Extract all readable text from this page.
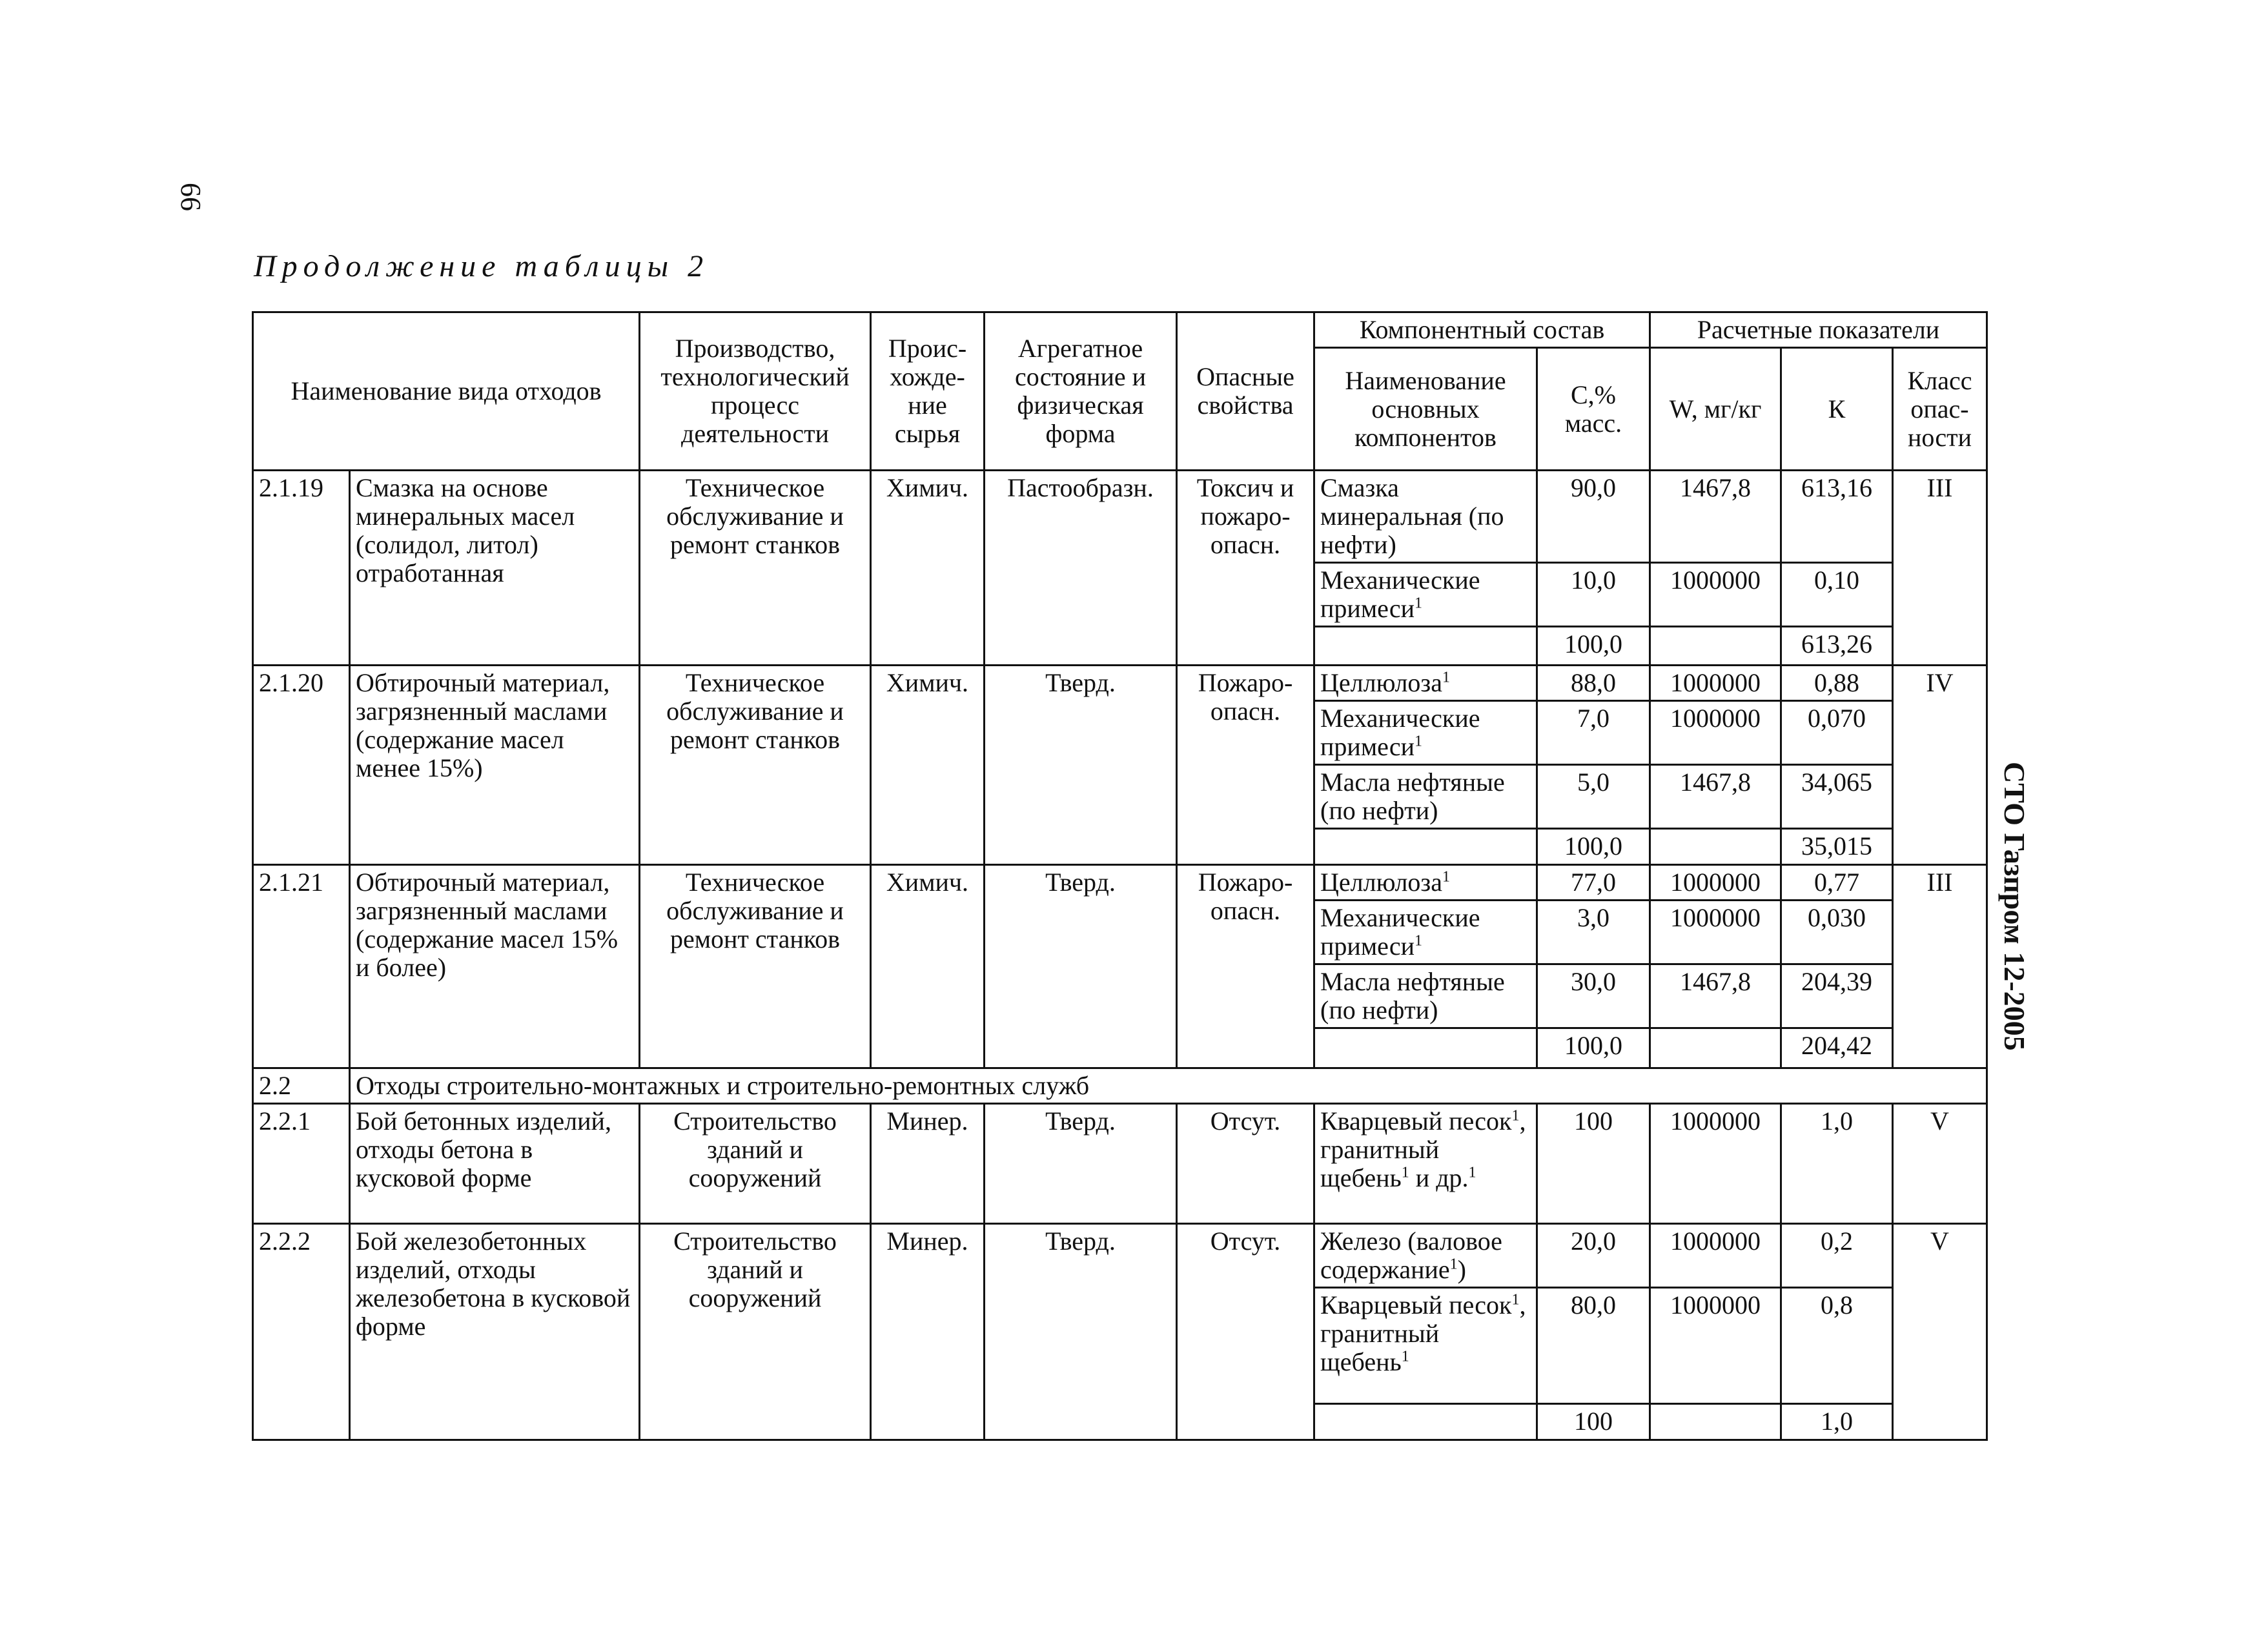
66
СТО Газпром 12-2005
Продолжение таблицы 2
Наименование вида отходов		Производство, технологический процесс деятельности	Проис- хожде- ние сырья	Агрегатное состояние и физическая форма	Опасные свойства	Компонентный состав		Расчетные показатели		
						Наименование основных компонентов	С,% масс.	W, мг/кг	К	Класс опас- ности
2.1.19	Смазка на основе минеральных масел (солидол, литол) отработанная	Техническое обслуживание и ремонт станков	Химич.	Пастообразн.	Токсич и пожаро- опасн.	Смазка минеральная (по нефти)	90,0	1467,8	613,16	III
						Механические примеси$^1$	10,0	1000000	0,10	
							100,0		613,26	
2.1.20	Обтирочный материал, загрязненный маслами (содержание масел менее 15%)	Техническое обслуживание и ремонт станков	Химич.	Тверд.	Пожаро- опасн.	Целлюлоза$^1$	88,0	1000000	0,88	IV
						Механические примеси$^1$	7,0	1000000	0,070	
						Масла нефтяные (по нефти)	5,0	1467,8	34,065	
							100,0		35,015	
2.1.21	Обтирочный материал, загрязненный маслами (содержание масел 15% и более)	Техническое обслуживание и ремонт станков	Химич.	Тверд.	Пожаро- опасн.	Целлюлоза$^1$	77,0	1000000	0,77	III
						Механические примеси$^1$	3,0	1000000	0,030	
						Масла нефтяные (по нефти)	30,0	1467,8	204,39	
							100,0		204,42	
2.2	Отходы строительно-монтажных и строительно-ремонтных служб									
2.2.1	Бой бетонных изделий, отходы бетона в кусковой форме	Строительство зданий и сооружений	Минер.	Тверд.	Отсут.	Кварцевый песок$^1$, гранитный щебень$^1$ и др.$^1$	100	1000000	1,0	V
2.2.2	Бой железобетонных изделий, отходы железобетона в кусковой форме	Строительство зданий и сооружений	Минер.	Тверд.	Отсут.	Железо (валовое содержание$^1$)	20,0	1000000	0,2	V
						Кварцевый песок$^1$, гранитный щебень$^1$	80,0	1000000	0,8	
							100		1,0	
